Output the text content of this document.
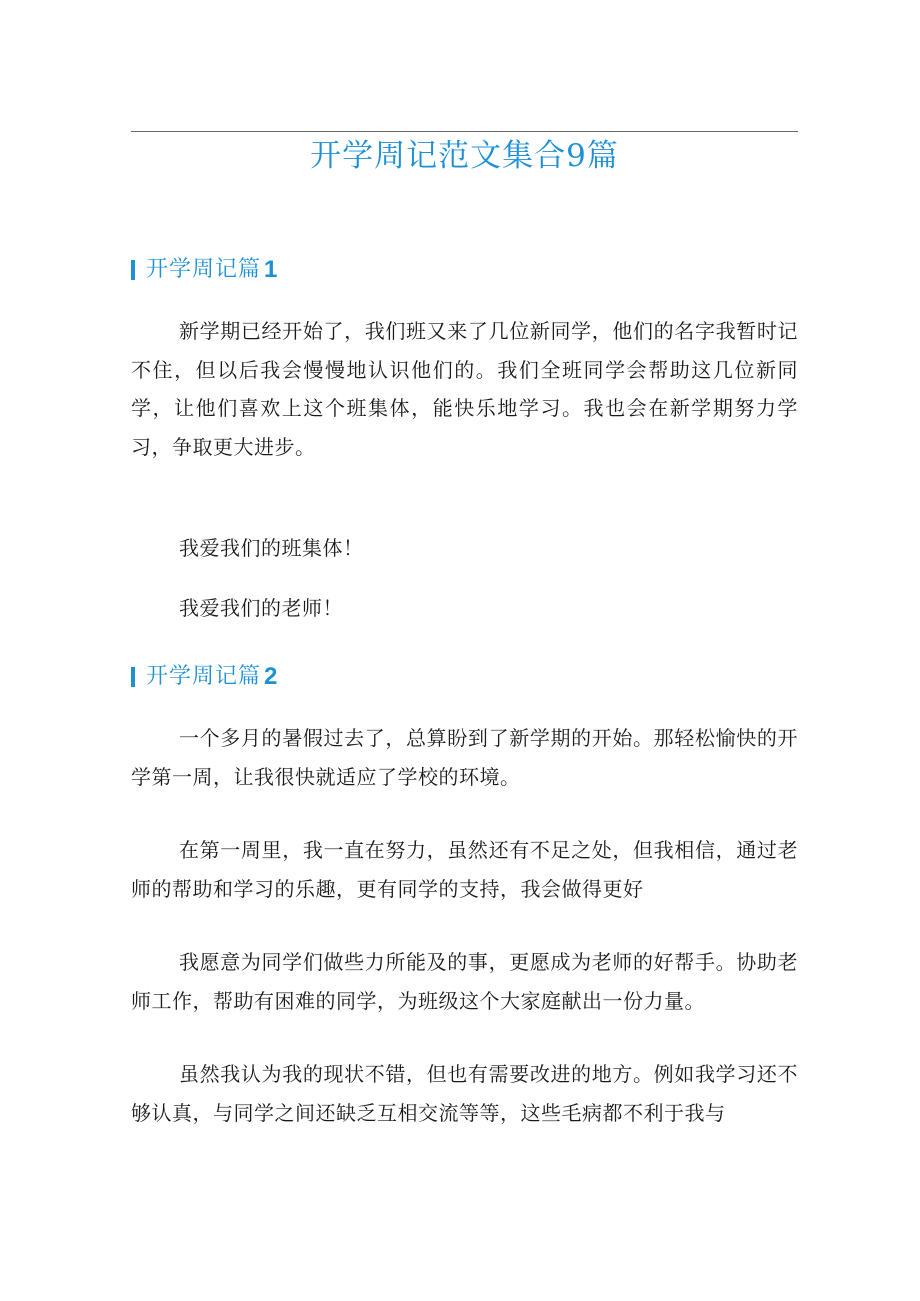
开学周记范文集合9篇
开学周记篇 1

新学期已经开始了，我们班又来了几位新同学，他们的名字我暂时记不住，但以后我会慢慢地认识他们的。我们全班同学会帮助这几位新同学，让他们喜欢上这个班集体，能快乐地学习。我也会在新学期努力学习，争取更大进步。

我爱我们的班集体！

我爱我们的老师！

开学周记篇 2

一个多月的暑假过去了，总算盼到了新学期的开始。那轻松愉快的开学第一周，让我很快就适应了学校的环境。

在第一周里，我一直在努力，虽然还有不足之处，但我相信，通过老师的帮助和学习的乐趣，更有同学的支持，我会做得更好

我愿意为同学们做些力所能及的事，更愿成为老师的好帮手。协助老师工作，帮助有困难的同学，为班级这个大家庭献出一份力量。

虽然我认为我的现状不错，但也有需要改进的地方。例如我学习还不够认真，与同学之间还缺乏互相交流等等，这些毛病都不利于我与
